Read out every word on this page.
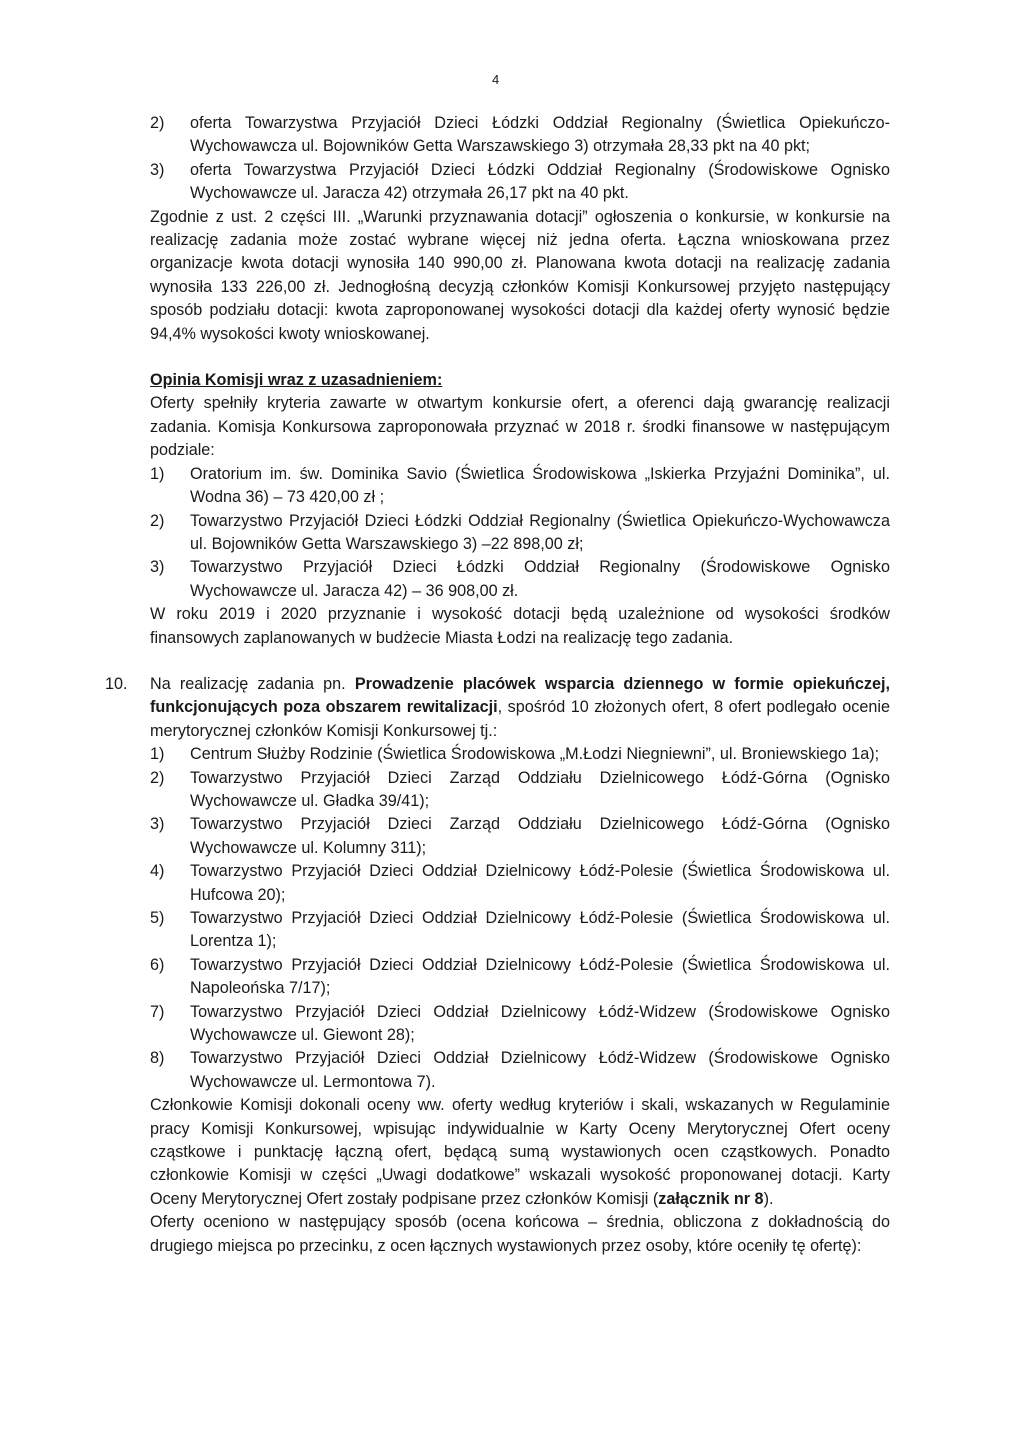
4

2)	oferta Towarzystwa Przyjaciół Dzieci Łódzki Oddział Regionalny (Świetlica Opiekuńczo-Wychowawcza ul. Bojowników Getta Warszawskiego 3) otrzymała 28,33 pkt na 40 pkt;

3)	oferta Towarzystwa Przyjaciół Dzieci Łódzki Oddział Regionalny (Środowiskowe Ognisko Wychowawcze ul. Jaracza 42) otrzymała 26,17 pkt na 40 pkt.

Zgodnie z ust. 2 części III. „Warunki przyznawania dotacji” ogłoszenia o konkursie, w konkursie na realizację zadania może zostać wybrane więcej niż jedna oferta. Łączna wnioskowana przez organizacje kwota dotacji wynosiła 140 990,00 zł. Planowana kwota dotacji na realizację zadania wynosiła 133 226,00 zł. Jednogłośną decyzją członków Komisji Konkursowej przyjęto następujący sposób podziału dotacji: kwota zaproponowanej wysokości dotacji dla każdej oferty wynosić będzie 94,4% wysokości kwoty wnioskowanej.

Opinia Komisji wraz z uzasadnieniem:

Oferty spełniły kryteria zawarte w otwartym konkursie ofert, a oferenci dają gwarancję realizacji zadania. Komisja Konkursowa zaproponowała przyznać w 2018 r. środki finansowe w następującym podziale:

1)	Oratorium im. św. Dominika Savio (Świetlica Środowiskowa „Iskierka Przyjaźni Dominika”, ul. Wodna 36) – 73 420,00 zł ;

2)	Towarzystwo Przyjaciół Dzieci Łódzki Oddział Regionalny (Świetlica Opiekuńczo-Wychowawcza ul. Bojowników Getta Warszawskiego 3) –22 898,00 zł;

3)	Towarzystwo Przyjaciół Dzieci Łódzki Oddział Regionalny (Środowiskowe Ognisko Wychowawcze ul. Jaracza 42) – 36 908,00 zł.

W roku 2019 i 2020 przyznanie i wysokość dotacji będą uzależnione od wysokości środków finansowych zaplanowanych w budżecie Miasta Łodzi na realizację tego zadania.

10.	Na realizację zadania pn. Prowadzenie placówek wsparcia dziennego w formie opiekuńczej, funkcjonujących poza obszarem rewitalizacji, spośród 10 złożonych ofert, 8 ofert podlegało ocenie merytorycznej członków Komisji Konkursowej tj.:

1)	Centrum Służby Rodzinie (Świetlica Środowiskowa „M.Łodzi Niegniewni”, ul. Broniewskiego 1a);

2)	Towarzystwo Przyjaciół Dzieci Zarząd Oddziału Dzielnicowego Łódź-Górna (Ognisko Wychowawcze ul. Gładka 39/41);

3)	Towarzystwo Przyjaciół Dzieci Zarząd Oddziału Dzielnicowego Łódź-Górna (Ognisko Wychowawcze ul. Kolumny 311);

4)	Towarzystwo Przyjaciół Dzieci Oddział Dzielnicowy Łódź-Polesie (Świetlica Środowiskowa ul. Hufcowa 20);

5)	Towarzystwo Przyjaciół Dzieci Oddział Dzielnicowy Łódź-Polesie (Świetlica Środowiskowa ul. Lorentza 1);

6)	Towarzystwo Przyjaciół Dzieci Oddział Dzielnicowy Łódź-Polesie (Świetlica Środowiskowa ul. Napoleońska 7/17);

7)	Towarzystwo Przyjaciół Dzieci Oddział Dzielnicowy Łódź-Widzew (Środowiskowe Ognisko Wychowawcze ul. Giewont 28);

8)	Towarzystwo Przyjaciół Dzieci Oddział Dzielnicowy Łódź-Widzew (Środowiskowe Ognisko Wychowawcze ul. Lermontowa 7).

Członkowie Komisji dokonali oceny ww. oferty według kryteriów i skali, wskazanych w Regulaminie pracy Komisji Konkursowej, wpisując indywidualnie w Karty Oceny Merytorycznej Ofert oceny cząstkowe i punktację łączną ofert, będącą sumą wystawionych ocen cząstkowych. Ponadto członkowie Komisji w części „Uwagi dodatkowe” wskazali wysokość proponowanej dotacji. Karty Oceny Merytorycznej Ofert zostały podpisane przez członków Komisji (załącznik nr 8).

Oferty oceniono w następujący sposób (ocena końcowa – średnia, obliczona z dokładnością do drugiego miejsca po przecinku, z ocen łącznych wystawionych przez osoby, które oceniły tę ofertę):
